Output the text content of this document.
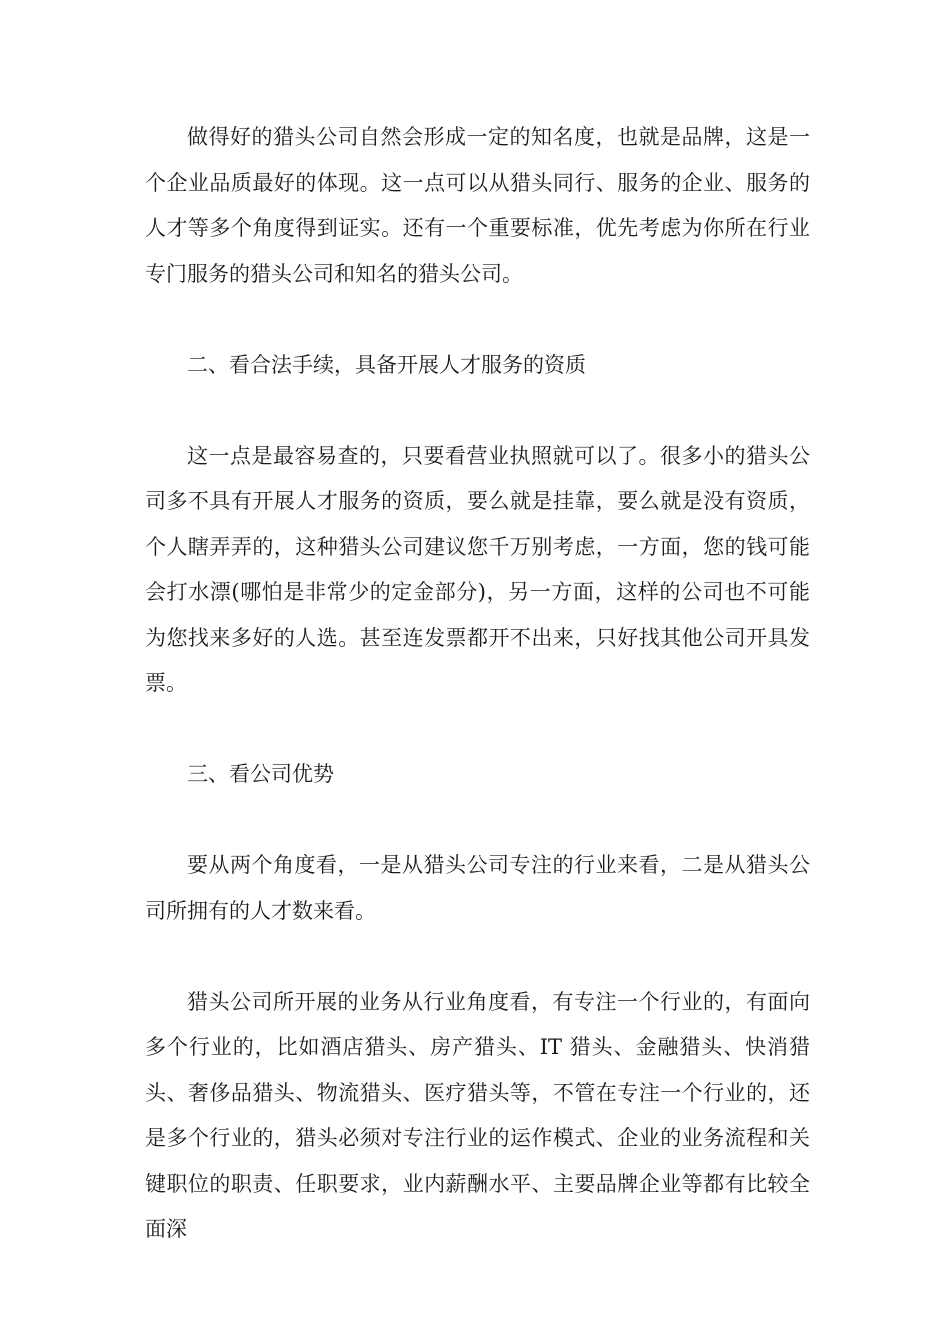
做得好的猎头公司自然会形成一定的知名度，也就是品牌，这是一个企业品质最好的体现。这一点可以从猎头同行、服务的企业、服务的人才等多个角度得到证实。还有一个重要标准，优先考虑为你所在行业专门服务的猎头公司和知名的猎头公司。

二、看合法手续，具备开展人才服务的资质

这一点是最容易查的，只要看营业执照就可以了。很多小的猎头公司多不具有开展人才服务的资质，要么就是挂靠，要么就是没有资质，个人瞎弄弄的，这种猎头公司建议您千万别考虑，一方面，您的钱可能会打水漂(哪怕是非常少的定金部分)，另一方面，这样的公司也不可能为您找来多好的人选。甚至连发票都开不出来，只好找其他公司开具发票。

三、看公司优势

要从两个角度看，一是从猎头公司专注的行业来看，二是从猎头公司所拥有的人才数来看。

猎头公司所开展的业务从行业角度看，有专注一个行业的，有面向多个行业的，比如酒店猎头、房产猎头、IT 猎头、金融猎头、快消猎头、奢侈品猎头、物流猎头、医疗猎头等，不管在专注一个行业的，还是多个行业的，猎头必须对专注行业的运作模式、企业的业务流程和关键职位的职责、任职要求，业内薪酬水平、主要品牌企业等都有比较全面深
